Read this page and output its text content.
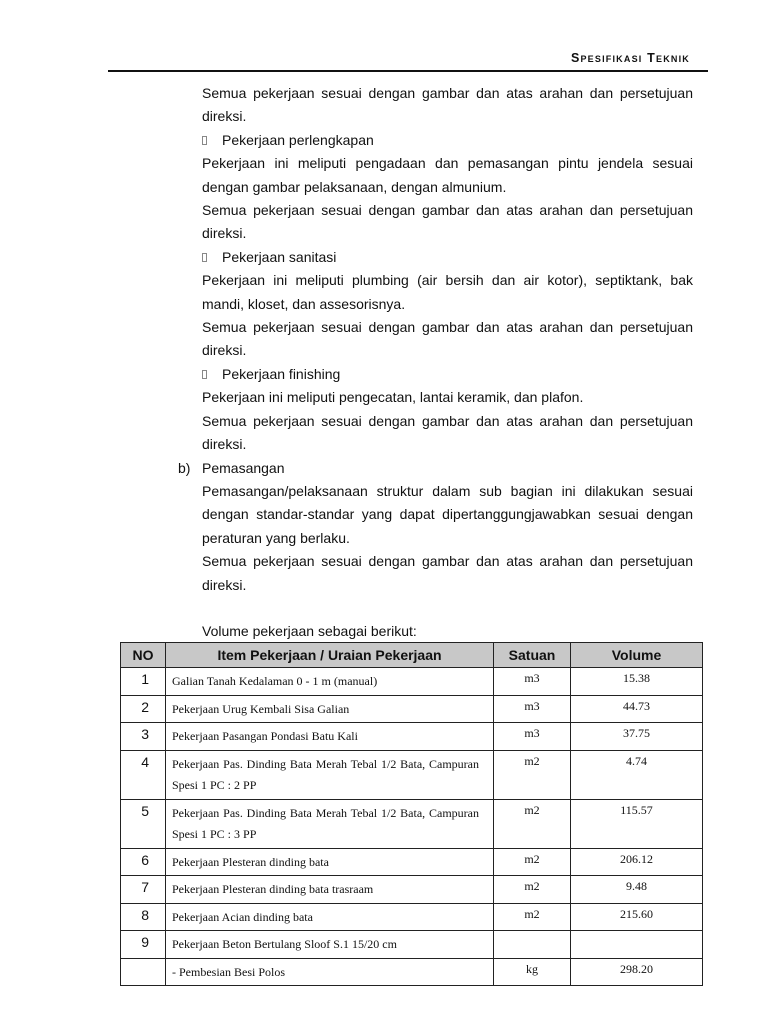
Spesifikasi Teknik

Semua pekerjaan sesuai dengan gambar dan atas arahan dan persetujuan direksi.

Pekerjaan perlengkapan

Pekerjaan ini meliputi pengadaan dan pemasangan pintu jendela sesuai dengan gambar pelaksanaan, dengan almunium.

Semua pekerjaan sesuai dengan gambar dan atas arahan dan persetujuan direksi.

Pekerjaan sanitasi

Pekerjaan ini meliputi plumbing (air bersih dan air kotor), septiktank, bak mandi, kloset, dan assesorisnya.

Semua pekerjaan sesuai dengan gambar dan atas arahan dan persetujuan direksi.

Pekerjaan finishing

Pekerjaan ini meliputi pengecatan, lantai keramik, dan plafon.

Semua pekerjaan sesuai dengan gambar dan atas arahan dan persetujuan direksi.

b) Pemasangan

Pemasangan/pelaksanaan struktur dalam sub bagian ini dilakukan sesuai dengan standar-standar yang dapat dipertanggungjawabkan sesuai dengan peraturan yang berlaku.

Semua pekerjaan sesuai dengan gambar dan atas arahan dan persetujuan direksi.

Volume pekerjaan sebagai berikut:

NO	Item Pekerjaan / Uraian Pekerjaan	Satuan	Volume
1	Galian Tanah Kedalaman 0 - 1 m (manual)	m3	15.38
2	Pekerjaan Urug Kembali Sisa Galian	m3	44.73
3	Pekerjaan Pasangan Pondasi Batu Kali	m3	37.75
4	Pekerjaan Pas. Dinding Bata Merah Tebal 1/2 Bata, Campuran Spesi 1 PC : 2 PP	m2	4.74
5	Pekerjaan Pas. Dinding Bata Merah Tebal 1/2 Bata, Campuran Spesi 1 PC : 3 PP	m2	115.57
6	Pekerjaan Plesteran dinding bata	m2	206.12
7	Pekerjaan Plesteran dinding bata trasraam	m2	9.48
8	Pekerjaan Acian dinding bata	m2	215.60
9	Pekerjaan Beton Bertulang Sloof S.1 15/20 cm		
	- Pembesian Besi Polos	kg	298.20
